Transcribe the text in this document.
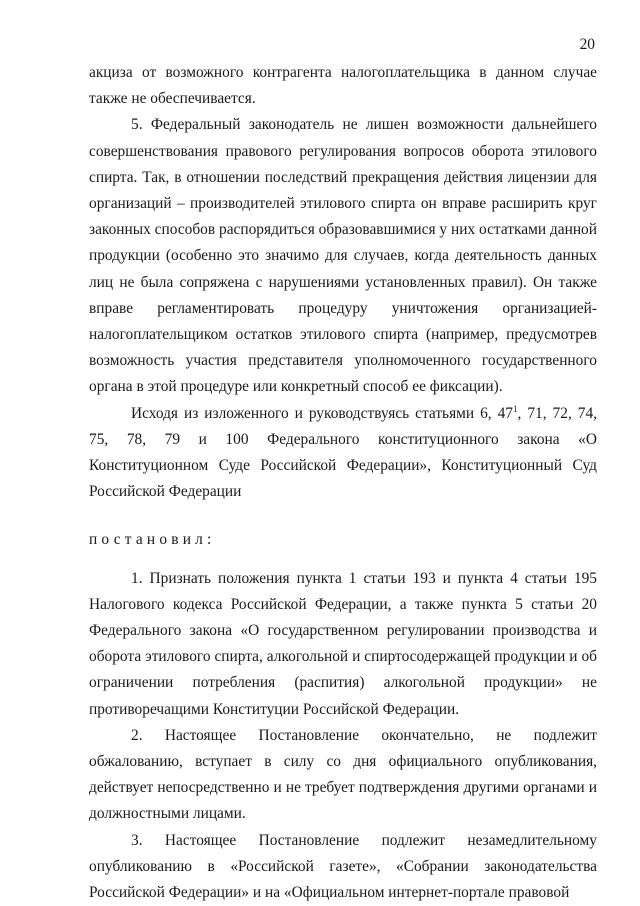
20

акциза от возможного контрагента налогоплательщика в данном случае также не обеспечивается.

5. Федеральный законодатель не лишен возможности дальнейшего совершенствования правового регулирования вопросов оборота этилового спирта. Так, в отношении последствий прекращения действия лицензии для организаций – производителей этилового спирта он вправе расширить круг законных способов распорядиться образовавшимися у них остатками данной продукции (особенно это значимо для случаев, когда деятельность данных лиц не была сопряжена с нарушениями установленных правил). Он также вправе регламентировать процедуру уничтожения организацией-налогоплательщиком остатков этилового спирта (например, предусмотрев возможность участия представителя уполномоченного государственного органа в этой процедуре или конкретный способ ее фиксации).

Исходя из изложенного и руководствуясь статьями 6, $47^1$, 71, 72, 74, 75, 78, 79 и 100 Федерального конституционного закона «О Конституционном Суде Российской Федерации», Конституционный Суд Российской Федерации

постановил:

1. Признать положения пункта 1 статьи 193 и пункта 4 статьи 195 Налогового кодекса Российской Федерации, а также пункта 5 статьи 20 Федерального закона «О государственном регулировании производства и оборота этилового спирта, алкогольной и спиртосодержащей продукции и об ограничении потребления (распития) алкогольной продукции» не противоречащими Конституции Российской Федерации.

2. Настоящее Постановление окончательно, не подлежит обжалованию, вступает в силу со дня официального опубликования, действует непосредственно и не требует подтверждения другими органами и должностными лицами.

3. Настоящее Постановление подлежит незамедлительному опубликованию в «Российской газете», «Собрании законодательства Российской Федерации» и на «Официальном интернет-портале правовой
